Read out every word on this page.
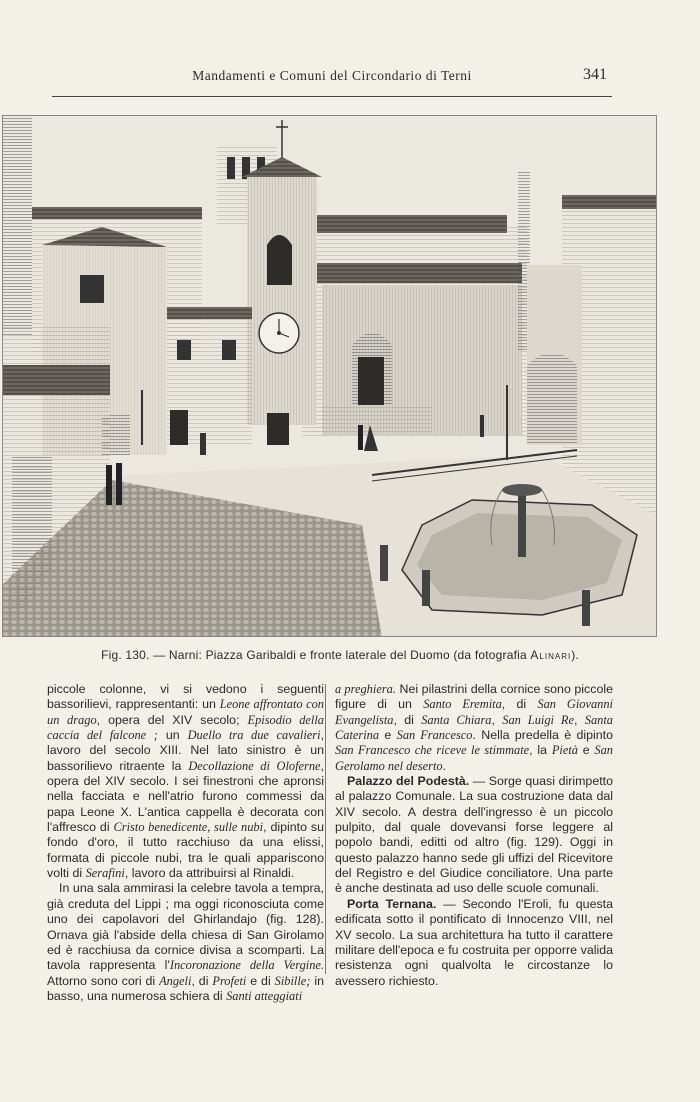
Mandamenti e Comuni del Circondario di Terni	341
Fig. 130. — Narni: Piazza Garibaldi e fronte laterale del Duomo (da fotografia Alinari).

piccole colonne, vi si vedono i seguenti bassorilievi, rappresentanti: un Leone affrontato con un drago, opera del XIV secolo; Episodio della caccia del falcone ; un Duello tra due cavalieri, lavoro del secolo XIII. Nel lato sinistro è un bassorilievo ritraente la Decollazione di Oloferne, opera del XIV secolo. I sei finestroni che apronsi nella facciata e nell'atrio furono commessi da papa Leone X. L'antica cappella è decorata con l'affresco di Cristo benedicente, sulle nubi, dipinto su fondo d'oro, il tutto racchiuso da una elissi, formata di piccole nubi, tra le quali appariscono volti di Serafini, lavoro da attribuirsi al Rinaldi.

In una sala ammirasi la celebre tavola a tempra, già creduta del Lippi ; ma oggi riconosciuta come uno dei capolavori del Ghirlandajo (fig. 128). Ornava già l'abside della chiesa di San Girolamo ed è racchiusa da cornice divisa a scomparti. La tavola rappresenta l'Incoronazione della Vergine. Attorno sono cori di Angeli, di Profeti e di Sibille; in basso, una numerosa schiera di Santi atteggiati

a preghiera. Nei pilastrini della cornice sono piccole figure di un Santo Eremita, di San Giovanni Evangelista, di Santa Chiara, San Luigi Re, Santa Caterina e San Francesco. Nella predella è dipinto San Francesco che riceve le stimmate, la Pietà e San Gerolamo nel deserto.

Palazzo del Podestà. — Sorge quasi dirimpetto al palazzo Comunale. La sua costruzione data dal XIV secolo. A destra dell'ingresso è un piccolo pulpito, dal quale dovevansi forse leggere al popolo bandi, editti od altro (fig. 129). Oggi in questo palazzo hanno sede gli uffizi del Ricevitore del Registro e del Giudice conciliatore. Una parte è anche destinata ad uso delle scuole comunali.

Porta Ternana. — Secondo l'Eroli, fu questa edificata sotto il pontificato di Innocenzo VIII, nel XV secolo. La sua architettura ha tutto il carattere militare dell'epoca e fu costruita per opporre valida resistenza ogni qualvolta le circostanze lo avessero richiesto.
